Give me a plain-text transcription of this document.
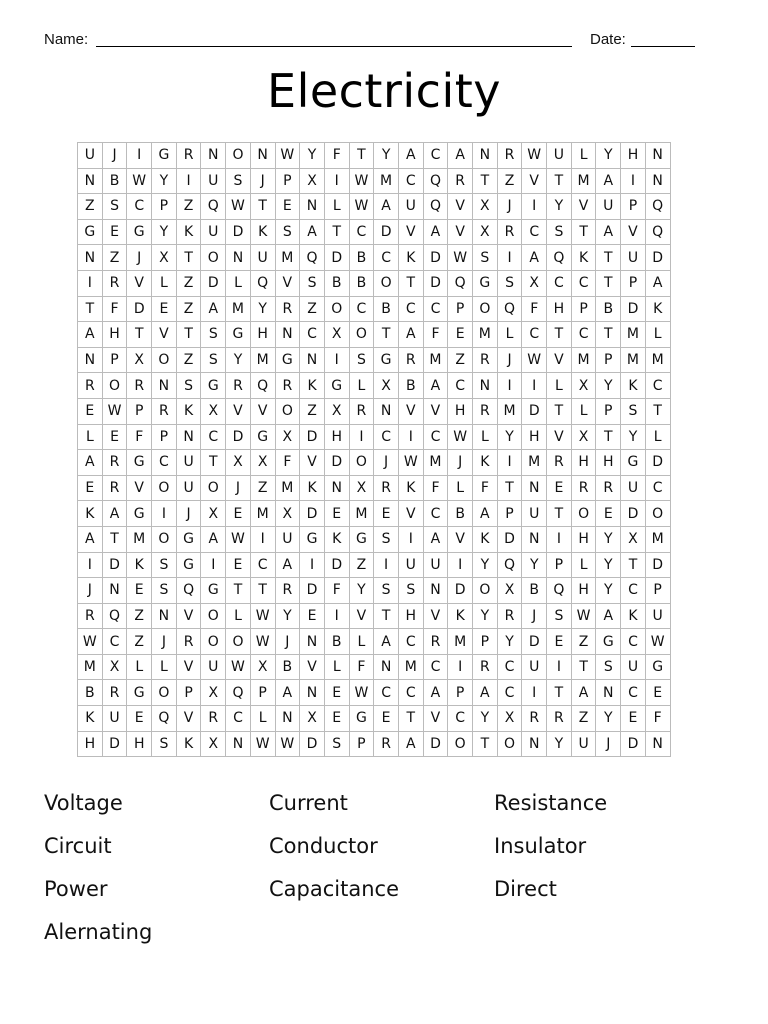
Name:	Date:
Electricity
U	J	I	G	R	N	O	N	W	Y	F	T	Y	A	C	A	N	R	W	U	L	Y	H	N
N	B	W	Y	I	U	S	J	P	X	I	W	M	C	Q	R	T	Z	V	T	M	A	I	N
Z	S	C	P	Z	Q	W	T	E	N	L	W	A	U	Q	V	X	J	I	Y	V	U	P	Q
G	E	G	Y	K	U	D	K	S	A	T	C	D	V	A	V	X	R	C	S	T	A	V	Q
N	Z	J	X	T	O	N	U	M	Q	D	B	C	K	D	W	S	I	A	Q	K	T	U	D
I	R	V	L	Z	D	L	Q	V	S	B	B	O	T	D	Q	G	S	X	C	C	T	P	A
T	F	D	E	Z	A	M	Y	R	Z	O	C	B	C	C	P	O	Q	F	H	P	B	D	K
A	H	T	V	T	S	G	H	N	C	X	O	T	A	F	E	M	L	C	T	C	T	M	L
N	P	X	O	Z	S	Y	M	G	N	I	S	G	R	M	Z	R	J	W	V	M	P	M	M
R	O	R	N	S	G	R	Q	R	K	G	L	X	B	A	C	N	I	I	L	X	Y	K	C
E	W	P	R	K	X	V	V	O	Z	X	R	N	V	V	H	R	M	D	T	L	P	S	T
L	E	F	P	N	C	D	G	X	D	H	I	C	I	C	W	L	Y	H	V	X	T	Y	L
A	R	G	C	U	T	X	X	F	V	D	O	J	W	M	J	K	I	M	R	H	H	G	D
E	R	V	O	U	O	J	Z	M	K	N	X	R	K	F	L	F	T	N	E	R	R	U	C
K	A	G	I	J	X	E	M	X	D	E	M	E	V	C	B	A	P	U	T	O	E	D	O
A	T	M	O	G	A	W	I	U	G	K	G	S	I	A	V	K	D	N	I	H	Y	X	M
I	D	K	S	G	I	E	C	A	I	D	Z	I	U	U	I	Y	Q	Y	P	L	Y	T	D
J	N	E	S	Q	G	T	T	R	D	F	Y	S	S	N	D	O	X	B	Q	H	Y	C	P
R	Q	Z	N	V	O	L	W	Y	E	I	V	T	H	V	K	Y	R	J	S	W	A	K	U
W	C	Z	J	R	O	O	W	J	N	B	L	A	C	R	M	P	Y	D	E	Z	G	C	W
M	X	L	L	V	U	W	X	B	V	L	F	N	M	C	I	R	C	U	I	T	S	U	G
B	R	G	O	P	X	Q	P	A	N	E	W	C	C	A	P	A	C	I	T	A	N	C	E
K	U	E	Q	V	R	C	L	N	X	E	G	E	T	V	C	Y	X	R	R	Z	Y	E	F
H	D	H	S	K	X	N	W	W	D	S	P	R	A	D	O	T	O	N	Y	U	J	D	N
Voltage	Current	Resistance
Circuit	Conductor	Insulator
Power	Capacitance	Direct
Alernating
